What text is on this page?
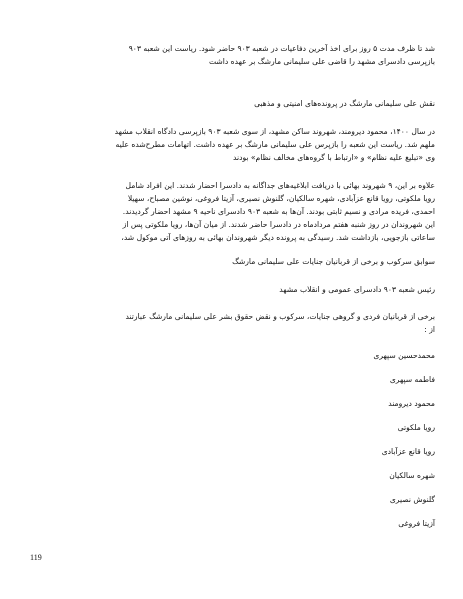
شد تا ظرف مدت ۵ روز برای اخذ آخرین دفاعیات در شعبه ۹۰۳ حاضر شود. ریاست این شعبه ۹۰۳
بازپرسی دادسرای مشهد را قاضی علی سلیمانی مارشگ بر عهده داشت
نقش علی سلیمانی مارشگ در پرونده‌های امنیتی و مذهبی
در سال ۱۴۰۰، محمود دیرومند، شهروند ساکن مشهد، از سوی شعبه ۹۰۳ بازپرسی دادگاه انقلاب مشهد
ملهم شد. ریاست این شعبه را بازپرس علی سلیمانی مارشگ بر عهده داشت. اتهامات مطرح‌شده علیه
وی «تبلیغ علیه نظام» و «ارتباط با گروه‌های مخالف نظام» بودند
علاوه بر این، ۹ شهروند بهائی با دریافت ابلاغیه‌های جداگانه به دادسرا احضار شدند. این افراد شامل
رویا ملکوتی، رویا قانع عزآبادی، شهره سالکیان، گلنوش نصیری، آزیتا فروغی، نوشین مصباح، سهیلا
احمدی، فریده مرادی و نسیم ثابتی بودند. آن‌ها به شعبه ۹۰۳ دادسرای ناحیه ۹ مشهد احضار گردیدند.
این شهروندان در روز شنبه هفتم مردادماه در دادسرا حاضر شدند. از میان آن‌ها، رویا ملکوتی پس از
ساعاتی بازجویی، بازداشت شد. رسیدگی به پرونده دیگر شهروندان بهائی به روزهای آتی موکول شد،
سوابق سرکوب و برخی از قربانیان جنایات علی سلیمانی مارشگ
رئیس شعبه ۹۰۳ دادسرای عمومی و انقلاب مشهد
برخی از قربانیان فردی و گروهی جنایات، سرکوب و نقض حقوق بشر علی سلیمانی مارشگ عبارتند
از :
محمدحسین سپهری
فاطمه سپهری
محمود دیرومند
رویا ملکوتی
رویا قانع عزآبادی
شهره سالکیان
گلنوش نصیری
آزیتا فروغی
119
